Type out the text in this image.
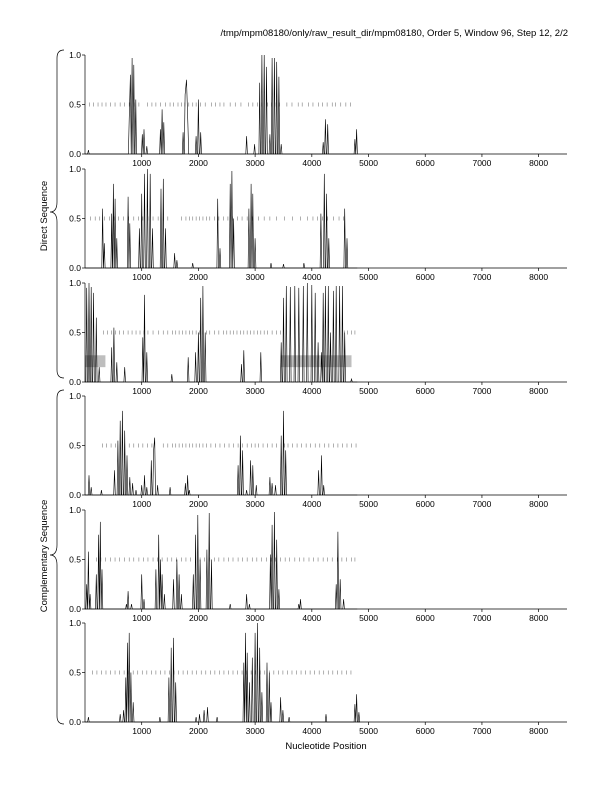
/tmp/mpm08180/only/raw_result_dir/mpm08180, Order 5, Window 96, Step 12, 2/2
0.0
0.5
1.0
1000	2000	3000	4000	5000	6000	7000	8000
0.0
0.5
1.0
1000	2000	3000	4000	5000	6000	7000	8000
0.0
0.5
1.0
1000	2000	3000	4000	5000	6000	7000	8000
0.0
0.5
1.0
1000	2000	3000	4000	5000	6000	7000	8000
0.0
0.5
1.0
1000	2000	3000	4000	5000	6000	7000	8000
0.0
0.5
1.0
1000	2000	3000	4000	5000	6000	7000	8000
Nucleotide Position
Direct Sequence
Complementary Sequence
